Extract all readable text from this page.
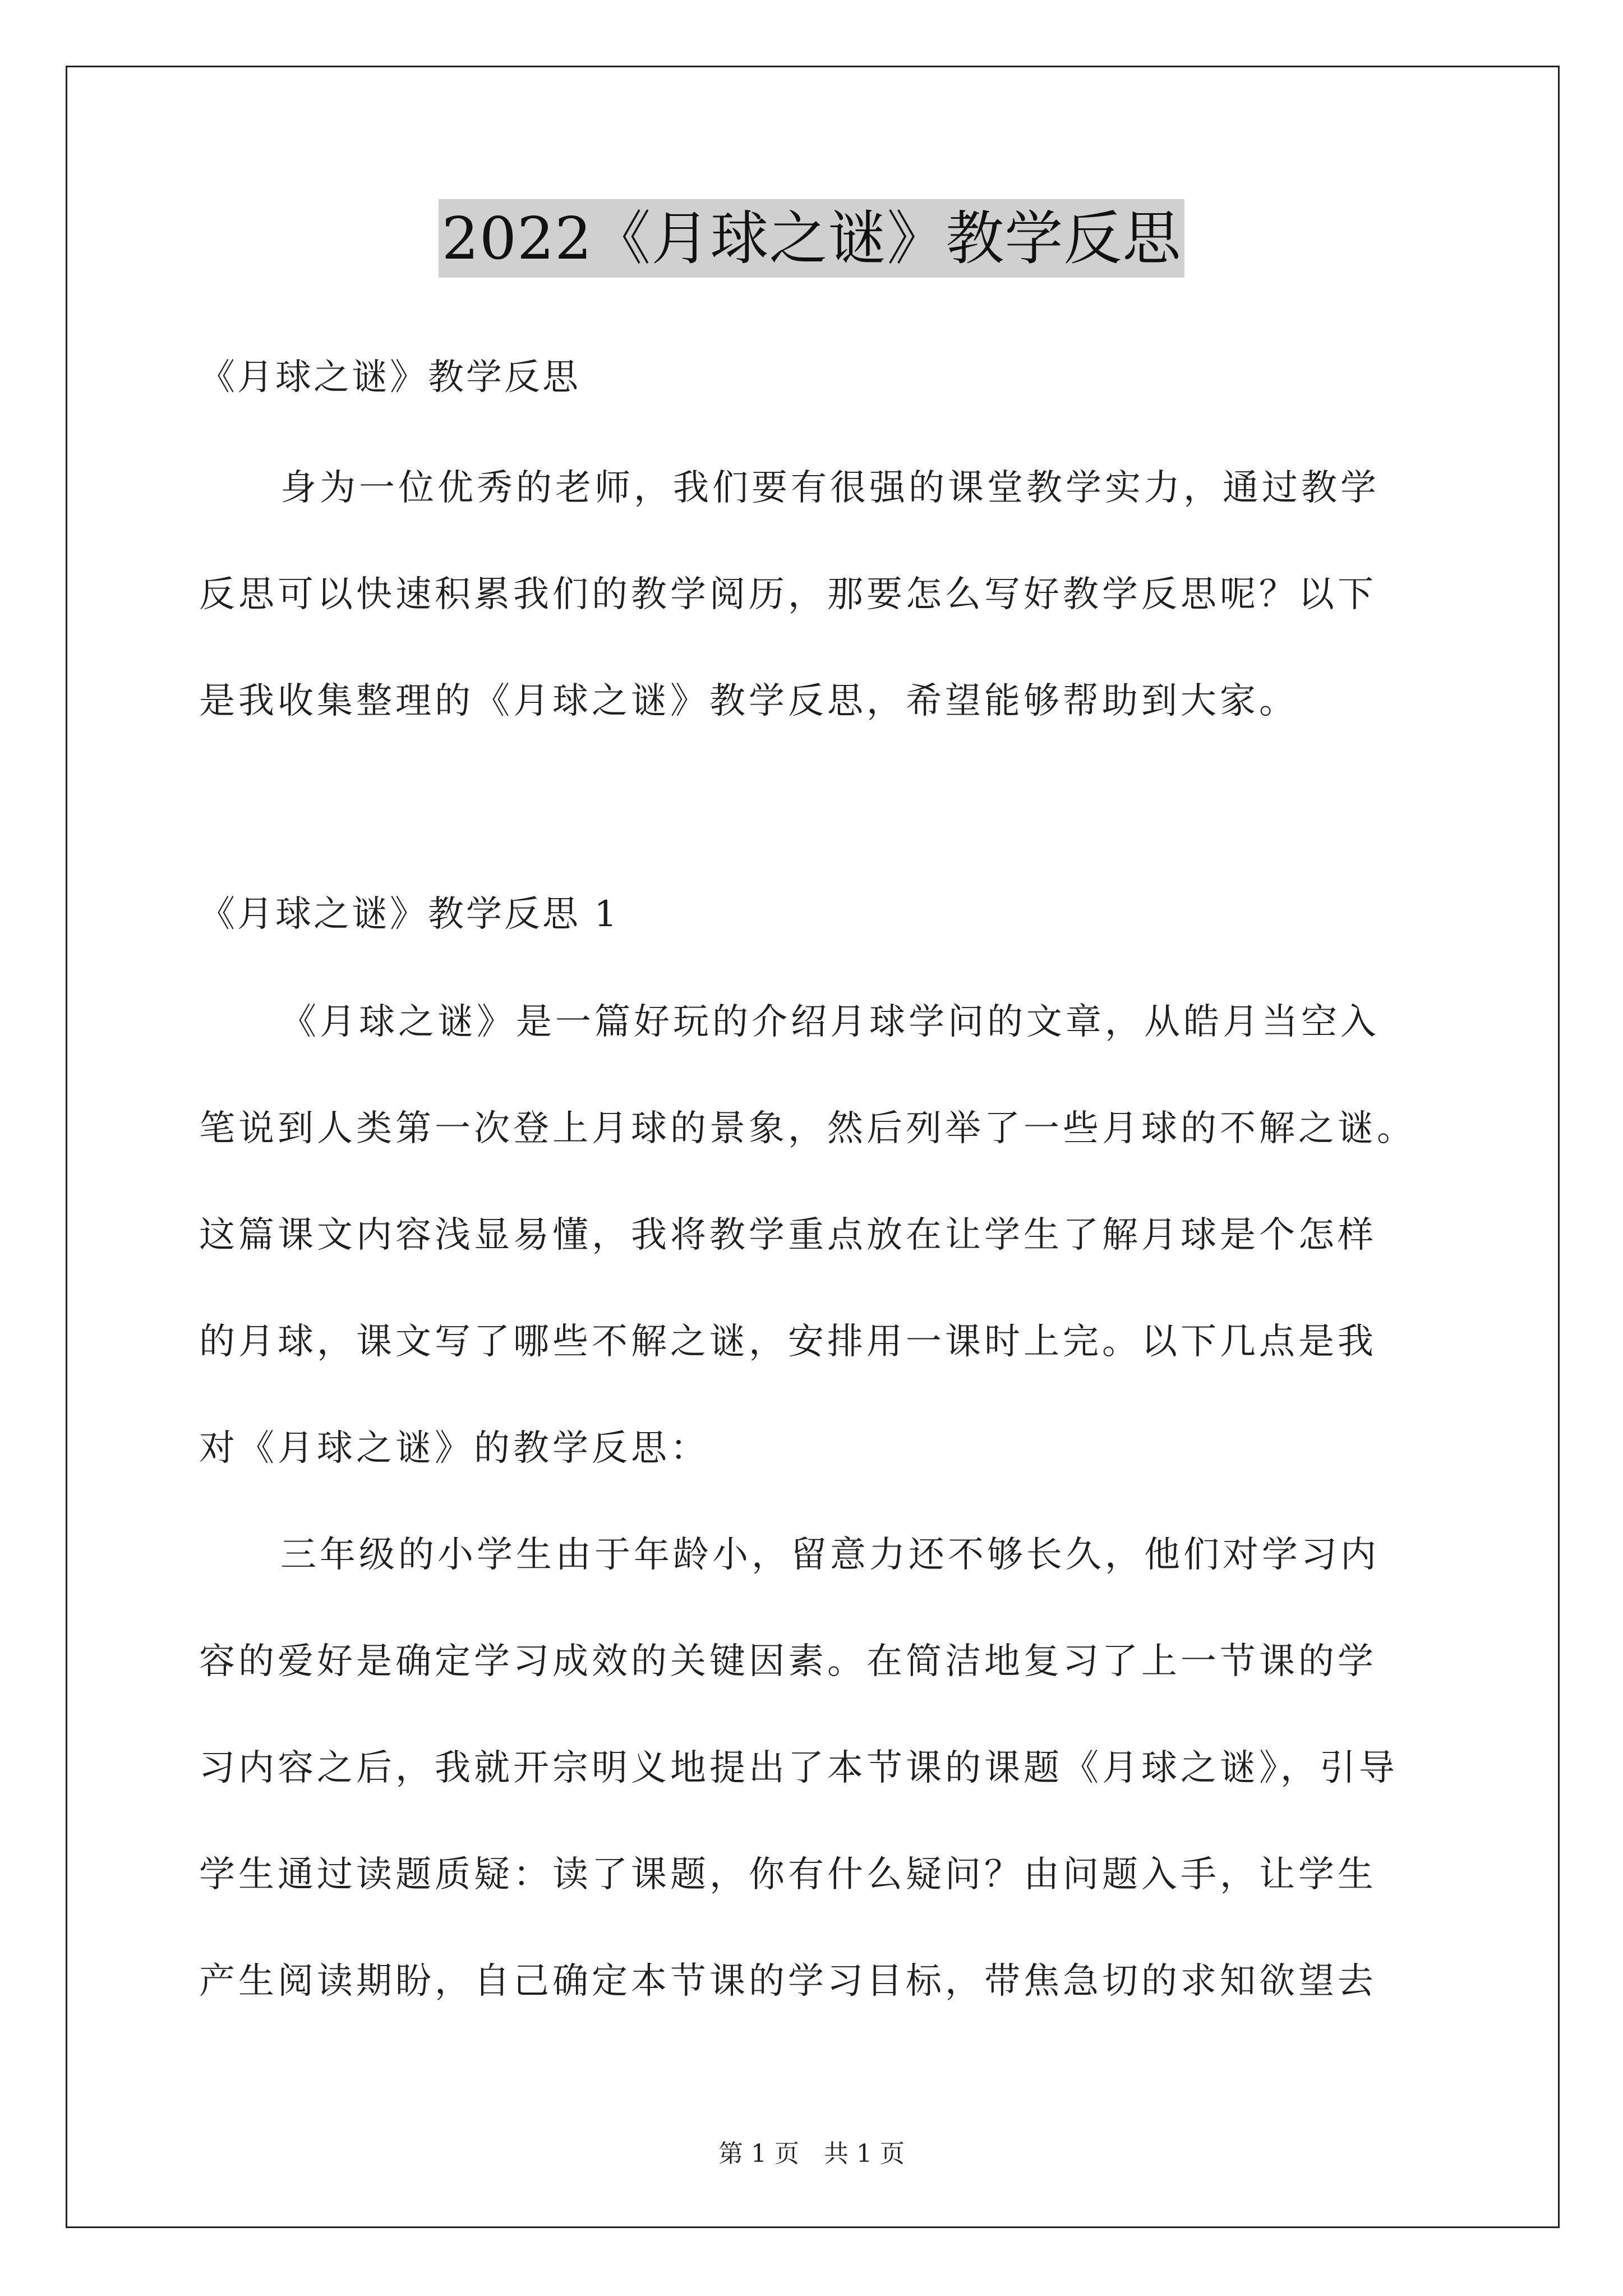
2022《月球之谜》教学反思
《月球之谜》教学反思
身为一位优秀的老师，我们要有很强的课堂教学实力，通过教学
反思可以快速积累我们的教学阅历，那要怎么写好教学反思呢？以下
是我收集整理的《月球之谜》教学反思，希望能够帮助到大家。
《月球之谜》教学反思 1
《月球之谜》是一篇好玩的介绍月球学问的文章，从皓月当空入
笔说到人类第一次登上月球的景象，然后列举了一些月球的不解之谜。
这篇课文内容浅显易懂，我将教学重点放在让学生了解月球是个怎样
的月球，课文写了哪些不解之谜，安排用一课时上完。以下几点是我
对《月球之谜》的教学反思：
三年级的小学生由于年龄小，留意力还不够长久，他们对学习内
容的爱好是确定学习成效的关键因素。在简洁地复习了上一节课的学
习内容之后，我就开宗明义地提出了本节课的课题《月球之谜》，引导
学生通过读题质疑：读了课题，你有什么疑问？由问题入手，让学生
产生阅读期盼，自己确定本节课的学习目标，带焦急切的求知欲望去
第 1 页　共 1 页
